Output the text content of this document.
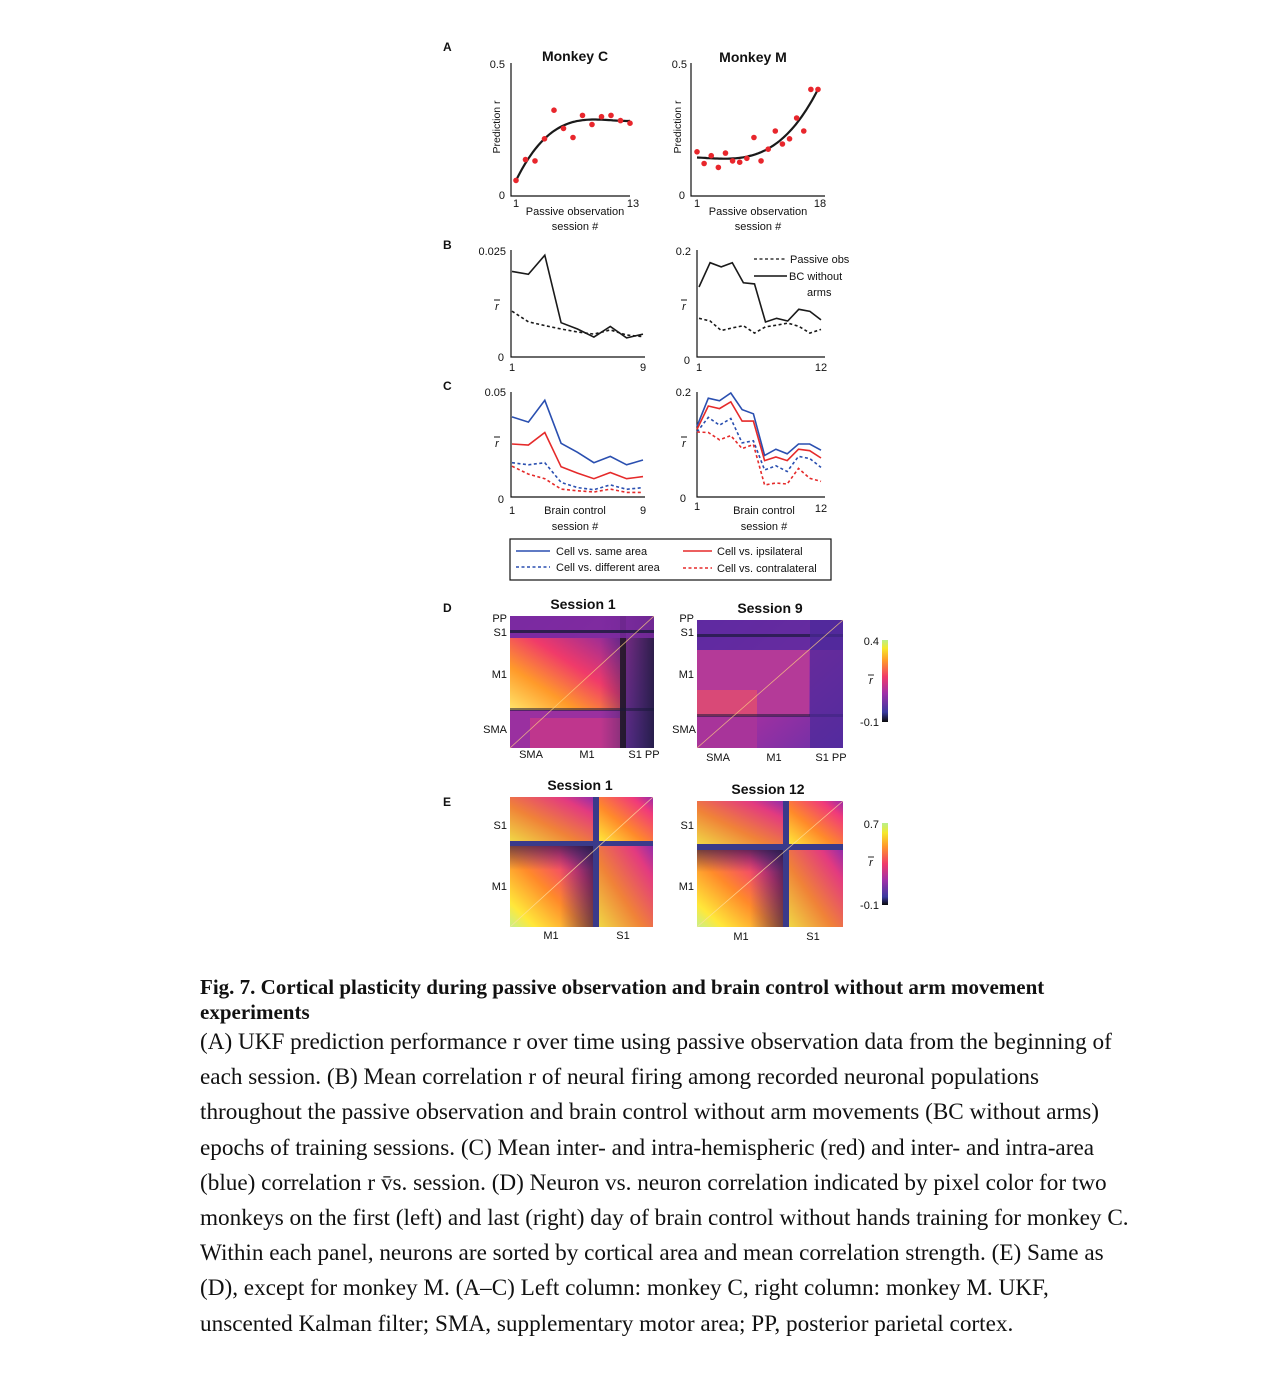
A
B
C
D
E
Monkey C
0.5
0
1	13
Passive observation
session #
Prediction r
Monkey M
0.5
0
1	18
Passive observation
session #
Prediction r
0.025
0
1	9
r
0.2
0
1	12
r
Passive obs
BC without
arms
0.05
0
1	9
Brain control
session #
r
0.2
0
1	12
Brain control
session #
r
Cell vs. same area
Cell vs. different area
Cell vs. ipsilateral
Cell vs. contralateral
Session 1
PP
S1
M1
SMA
SMA	M1	S1 PP
Session 9
PP
S1
M1
SMA
SMA	M1	S1 PP
0.4
-0.1
r
Session 1
S1
M1
M1	S1
Session 12
S1
M1
M1	S1
0.7
-0.1
r

Fig. 7. Cortical plasticity during passive observation and brain control without arm movement experiments

(A) UKF prediction performance r over time using passive observation data from the beginning of each session. (B) Mean correlation r of neural firing among recorded neuronal populations throughout the passive observation and brain control without arm movements (BC without arms) epochs of training sessions. (C) Mean inter- and intra-hemispheric (red) and inter- and intra-area (blue) correlation r v̄s. session. (D) Neuron vs. neuron correlation indicated by pixel color for two monkeys on the first (left) and last (right) day of brain control without hands training for monkey C. Within each panel, neurons are sorted by cortical area and mean correlation strength. (E) Same as (D), except for monkey M. (A–C) Left column: monkey C, right column: monkey M. UKF, unscented Kalman filter; SMA, supplementary motor area; PP, posterior parietal cortex.
